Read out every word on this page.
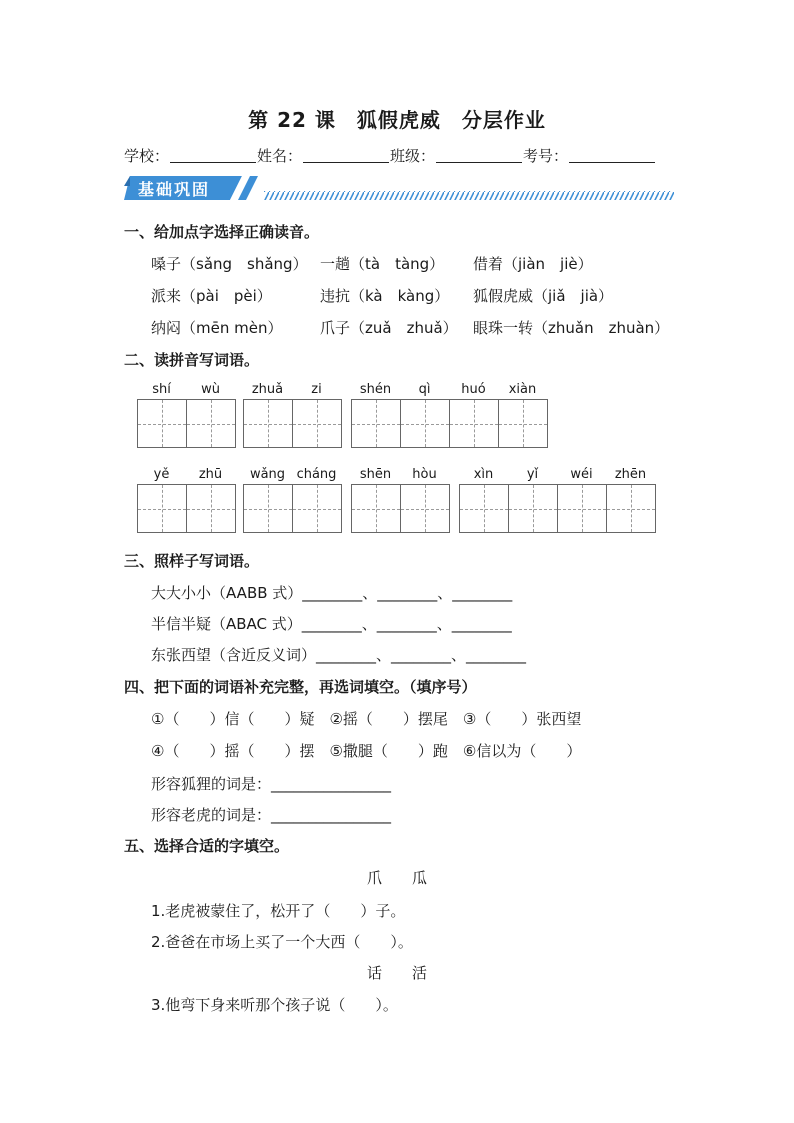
第 22 课　狐假虎威　分层作业
学校：	姓名：	班级：	考号：
基础巩固
一、给加点字选择正确读音。
嗓子（sǎng　shǎng） 一趟（tà　tàng） 借着（jiàn　jiè）
派来（pài　pèi）	违抗（kà　kàng） 狐假虎威（jiǎ　jià）
纳闷（mēn mèn）	爪子（zuǎ　zhuǎ） 眼珠一转（zhuǎn　zhuàn）
二、读拼音写词语。
shí	wù	zhuǎ	zi	shén	qì	huó	xiàn
yě	zhū	wǎng cháng	shēn	hòu	xìn	yǐ	wéi	zhēn
三、照样子写词语。
大大小小（AABB 式）________、________、________
半信半疑（ABAC 式）________、________、________
东张西望（含近反义词）________、________、________
四、把下面的词语补充完整，再选词填空。（填序号）
①（　　）信（　　）疑　②摇（　　）摆尾　③（　　）张西望
④（　　）摇（　　）摆　⑤撒腿（　　）跑　⑥信以为（　　）
形容狐狸的词是：________________
形容老虎的词是：________________
五、选择合适的字填空。
爪　　瓜
1.老虎被蒙住了，松开了（　　）子。
2.爸爸在市场上买了一个大西（　　）。
话　　活
3.他弯下身来听那个孩子说（　　）。
